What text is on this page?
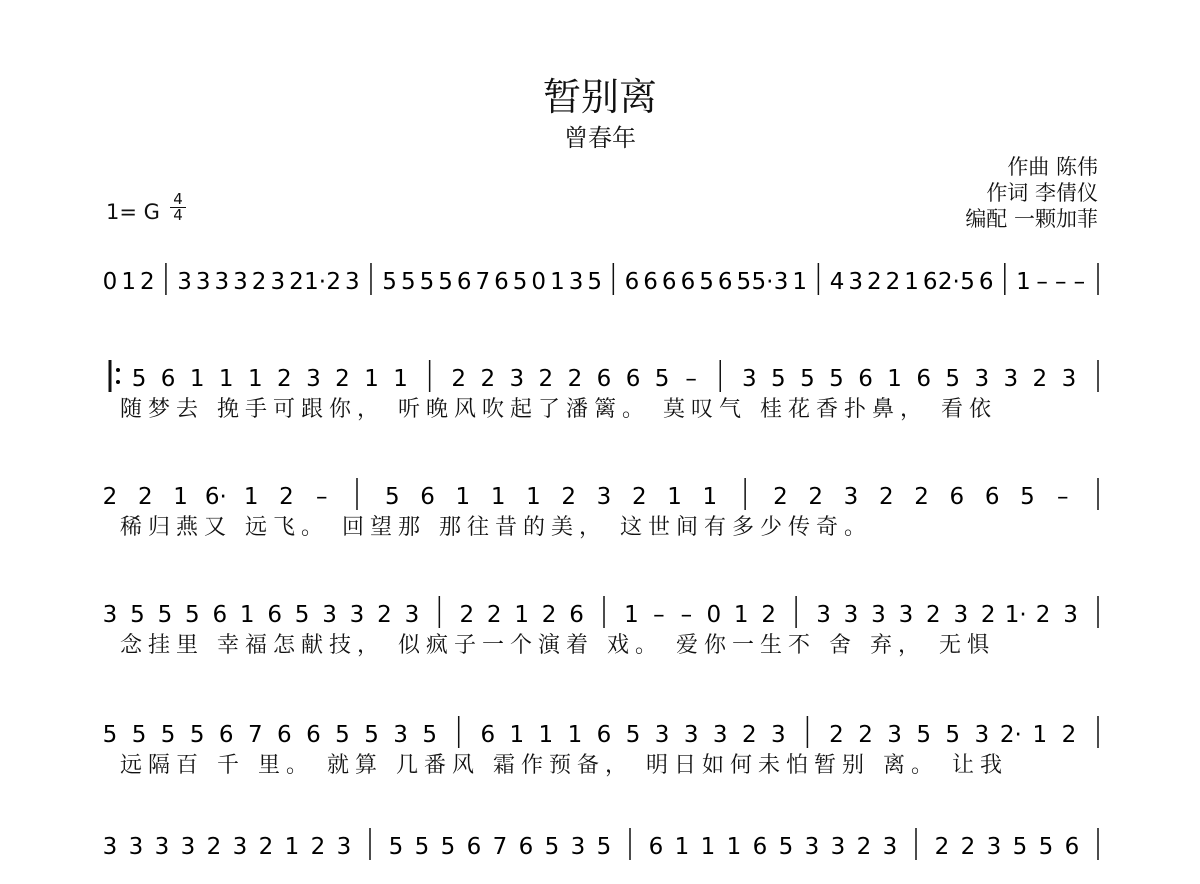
暂别离
曾春年
作曲 陈伟
作词 李倩仪
编配 一颗加菲
1= G
4
4
0 1 2 3 3 3 3 2 3 2 1· 2 3 5 5 5 5 6 7 6 5 0 1 3 5 6 6 6 6 5 6 5 5· 3 1 4 3 2 2 1 6 2· 5 6 1 – – –
5 6 1 1 1 2 3 2 1 1 2 2 3 2 2 6 6 5 – 3 5 5 5 6 1 6 5 3 3 2 3
随梦去 挽手可跟你， 听晚风吹起了潘篱。 莫叹气 桂花香扑鼻， 看依
2 2 1 6· 1 2 –	5 6 1 1 1 2 3 2 1 1 2 2 3 2 2 6 6 5 –
稀归燕又 远飞。 回望那 那往昔的美， 这世间有多少传奇。
3 5 5 5 6 1 6 5 3 3 2 3 2 2 1 2 6 1 – – 0 1 2 3 3 3 3 2 3 2 1· 2 3
念挂里 幸福怎献技， 似疯子一个演着 戏。 爱你一生不 舍 弃， 无惧
5 5 5 5 6 7 6 6 5 5 3 5 6 1 1 1 6 5 3 3 3 2 3 2 2 3 5 5 3 2· 1 2
远隔百 千 里。 就算 几番风 霜作预备， 明日如何未怕暂别 离。 让我
3 3 3 3 2 3 2 1 2 3 5 5 5 6 7 6 5 3 5 6 1 1 1 6 5 3 3 2 3 2 2 3 5 5 6
